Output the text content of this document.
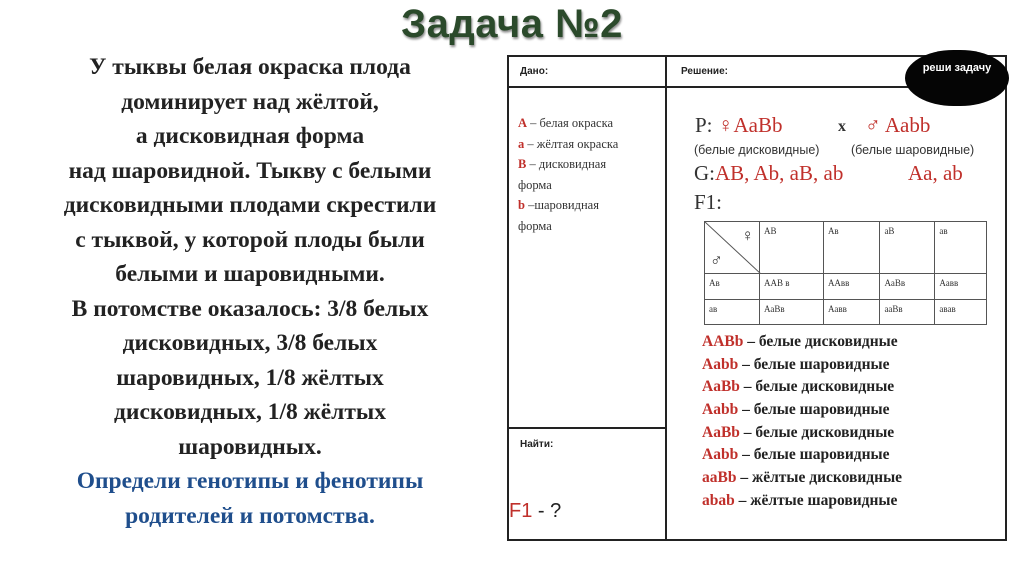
Задача №2
У тыквы белая окраска плода
доминирует над жёлтой,
а дисковидная форма
над шаровидной. Тыкву с белыми
дисковидными плодами скрестили
с тыквой, у которой плоды были
белыми и шаровидными.
В потомстве оказалось: 3/8 белых
дисковидных, 3/8 белых
шаровидных, 1/8 жёлтых
дисковидных, 1/8 жёлтых
шаровидных.
Определи генотипы и фенотипы
родителей и потомства.
Дано:	Решение:
Найти:
А – белая окраска
а – жёлтая окраска
В – дисковидная
форма
b –шаровидная
форма
F1 - ?
реши задачу
P: ♀AaBb	x ♂ Aabb
(белые дисковидные)	(белые шаровидные)
G:AB, Ab, aB, ab	Aa, ab
F1:
♀
♂	АВ	Ав	аВ	ав
Ав	ААВ в	ААвв	АаВв	Аавв
ав	АаВв	Аавв	ааВв	авав
AABb – белые дисковидные
Aabb – белые шаровидные
AaBb – белые дисковидные
Aabb – белые шаровидные
AaBb – белые дисковидные
Aabb – белые шаровидные
aaBb – жёлтые дисковидные
abab – жёлтые шаровидные
